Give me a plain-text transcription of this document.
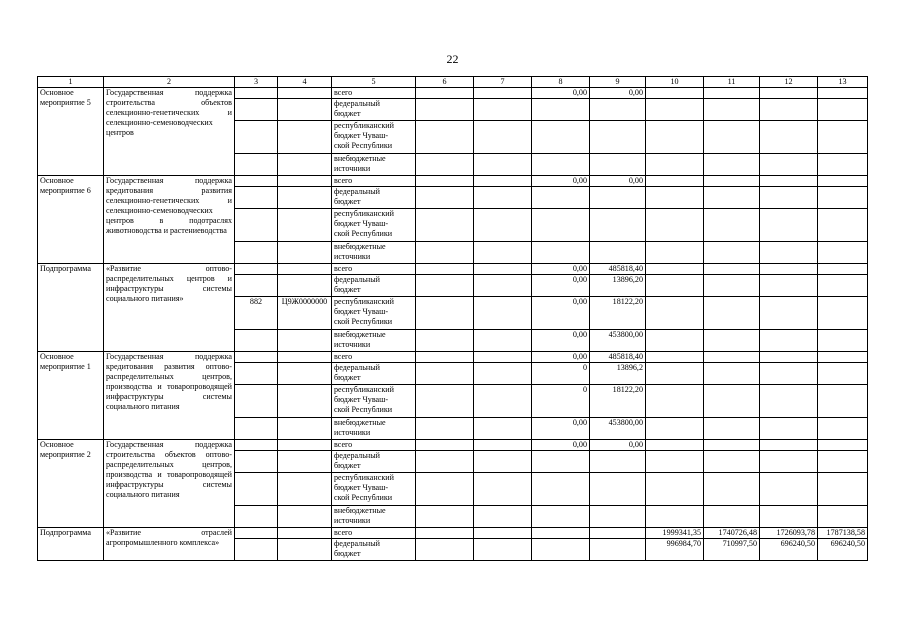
22
1	2	3	4	5	6	7	8	9	10	11	12	13
Основное мероприятие 5	Государственная поддержка строительства объектов селекционно-генетических и селекционно-семеноводческих центров			всего			0,00	0,00				

				федеральный
бюджет								

				республиканский
бюджет Чуваш-
ской Республики								

				внебюджетные
источники								

Основное мероприятие 6	Государственная поддержка кредитования развития селекционно-генетических и селекционно-семеноводческих центров в подотраслях животноводства и растениеводства			всего			0,00	0,00				

				федеральный
бюджет								

				республиканский
бюджет Чуваш-
ской Республики								

				внебюджетные
источники								

Подпрограмма	«Развитие оптово-распределительных центров и инфраструктуры системы социального питания»			всего			0,00	485818,40				

				федеральный
бюджет			0,00	13896,20				
		882	Ц9Ж0000000	республиканский
бюджет Чуваш-
ской Республики			0,00	18122,20				

				внебюджетные
источники			0,00	453800,00				
Основное мероприятие 1	Государственная поддержка кредитования развития оптово-распределительных центров, производства и товаропроводящей инфраструктуры системы социального питания			всего			0,00	485818,40				

				федеральный
бюджет			0	13896,2				

				республиканский
бюджет Чуваш-
ской Республики			0	18122,20				

				внебюджетные
источники			0,00	453800,00				
Основное мероприятие 2	Государственная поддержка строительства объектов оптово-распределительных центров, производства и товаропроводящей инфраструктуры системы социального питания			всего			0,00	0,00				

				федеральный
бюджет								

				республиканский
бюджет Чуваш-
ской Республики								

				внебюджетные
источники								

Подпрограмма	«Развитие отраслей агропромышленного комплекса»			всего					1999341,35	1740726,48	1726093,78	1787138,58

				федеральный
бюджет					996984,70	710997,50	696240,50	696240,50
